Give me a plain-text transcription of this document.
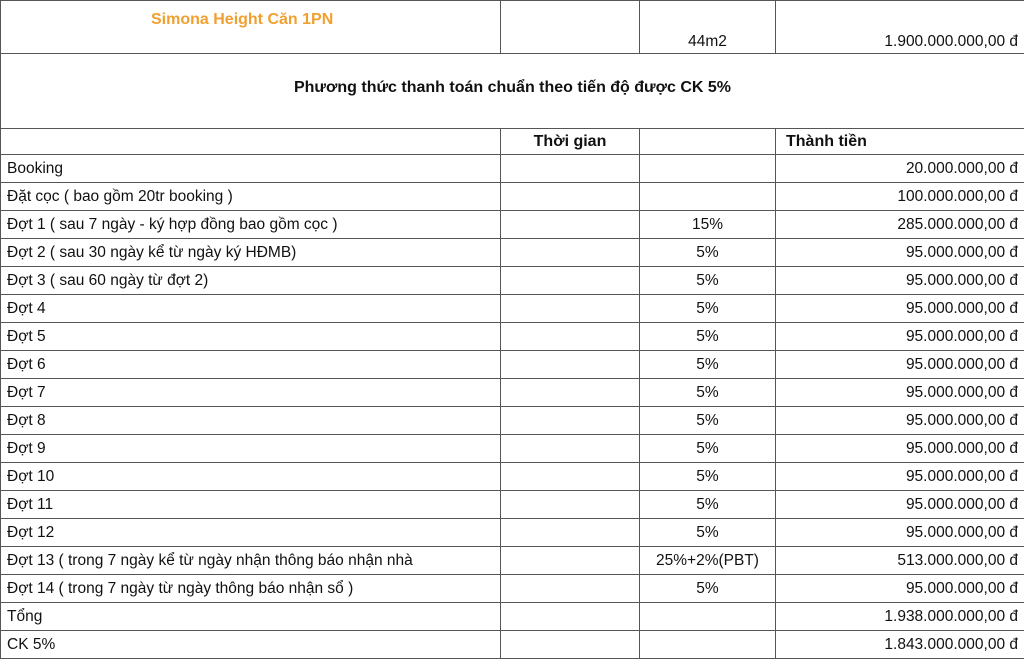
Simona Height Căn 1PN		44m2	1.900.000.000,00 đ
Phương thức thanh toán chuẩn theo tiến độ được CK 5%			
	Thời gian		Thành tiền
Booking			20.000.000,00 đ
Đặt cọc ( bao gồm 20tr booking )			100.000.000,00 đ
Đợt 1 ( sau 7 ngày - ký hợp đồng bao gồm cọc )		15%	285.000.000,00 đ
Đợt 2 ( sau 30 ngày kể từ ngày ký HĐMB)		5%	95.000.000,00 đ
Đợt 3 ( sau 60 ngày từ đợt 2)		5%	95.000.000,00 đ
Đợt 4		5%	95.000.000,00 đ
Đợt 5		5%	95.000.000,00 đ
Đợt 6		5%	95.000.000,00 đ
Đợt 7		5%	95.000.000,00 đ
Đợt 8		5%	95.000.000,00 đ
Đợt 9		5%	95.000.000,00 đ
Đợt 10		5%	95.000.000,00 đ
Đợt 11		5%	95.000.000,00 đ
Đợt 12		5%	95.000.000,00 đ
Đợt 13 ( trong 7 ngày kể từ ngày nhận thông báo nhận nhà		25%+2%(PBT)	513.000.000,00 đ
Đợt 14 ( trong 7 ngày từ ngày thông báo nhận sổ )		5%	95.000.000,00 đ
Tổng			1.938.000.000,00 đ
CK 5%			1.843.000.000,00 đ
